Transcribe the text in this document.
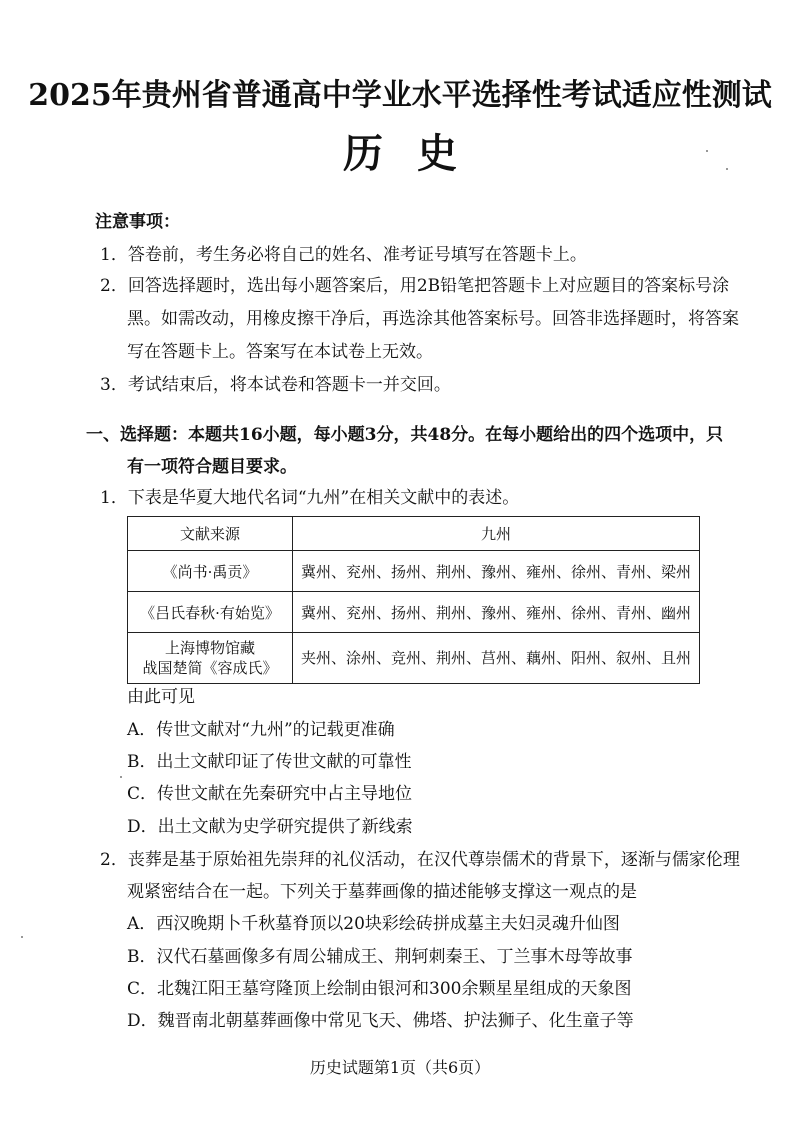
2025年贵州省普通高中学业水平选择性考试适应性测试
历史
注意事项：
1．答卷前，考生务必将自己的姓名、准考证号填写在答题卡上。
2．回答选择题时，选出每小题答案后，用2B铅笔把答题卡上对应题目的答案标号涂
黑。如需改动，用橡皮擦干净后，再选涂其他答案标号。回答非选择题时，将答案
写在答题卡上。答案写在本试卷上无效。
3．考试结束后，将本试卷和答题卡一并交回。
一、选择题：本题共16小题，每小题3分，共48分。在每小题给出的四个选项中，只
有一项符合题目要求。
1．下表是华夏大地代名词“九州”在相关文献中的表述。
文献来源	九州
《尚书·禹贡》	冀州、兖州、扬州、荆州、豫州、雍州、徐州、青州、梁州
《吕氏春秋·有始览》	冀州、兖州、扬州、荆州、豫州、雍州、徐州、青州、幽州

上海博物馆藏
战国楚简《容成氏》	夹州、涂州、竞州、荆州、莒州、藕州、阳州、叙州、且州
由此可见
A．传世文献对“九州”的记载更准确
B．出土文献印证了传世文献的可靠性
C．传世文献在先秦研究中占主导地位
D．出土文献为史学研究提供了新线索
2．丧葬是基于原始祖先崇拜的礼仪活动，在汉代尊崇儒术的背景下，逐渐与儒家伦理
观紧密结合在一起。下列关于墓葬画像的描述能够支撑这一观点的是
A．西汉晚期卜千秋墓脊顶以20块彩绘砖拼成墓主夫妇灵魂升仙图
B．汉代石墓画像多有周公辅成王、荆轲刺秦王、丁兰事木母等故事
C．北魏江阳王墓穹隆顶上绘制由银河和300余颗星星组成的天象图
D．魏晋南北朝墓葬画像中常见飞天、佛塔、护法狮子、化生童子等
历史试题第1页（共6页）
